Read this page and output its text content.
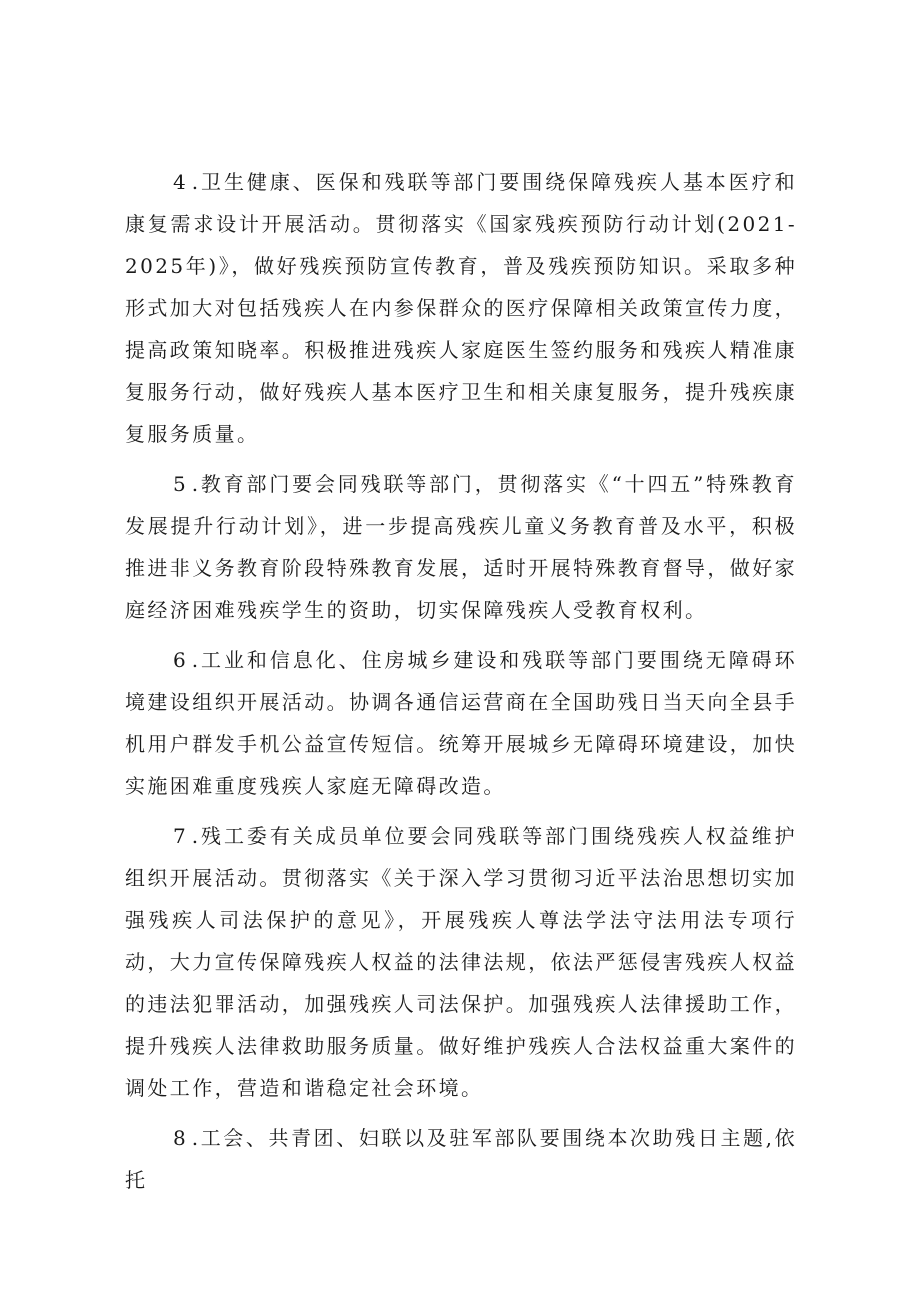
4.卫生健康、医保和残联等部门要围绕保障残疾人基本医疗和康复需求设计开展活动。贯彻落实《国家残疾预防行动计划(2021-2025年)》，做好残疾预防宣传教育，普及残疾预防知识。采取多种形式加大对包括残疾人在内参保群众的医疗保障相关政策宣传力度，提高政策知晓率。积极推进残疾人家庭医生签约服务和残疾人精准康复服务行动，做好残疾人基本医疗卫生和相关康复服务，提升残疾康复服务质量。

5.教育部门要会同残联等部门，贯彻落实《“十四五”特殊教育发展提升行动计划》，进一步提高残疾儿童义务教育普及水平，积极推进非义务教育阶段特殊教育发展，适时开展特殊教育督导，做好家庭经济困难残疾学生的资助，切实保障残疾人受教育权利。

6.工业和信息化、住房城乡建设和残联等部门要围绕无障碍环境建设组织开展活动。协调各通信运营商在全国助残日当天向全县手机用户群发手机公益宣传短信。统筹开展城乡无障碍环境建设，加快实施困难重度残疾人家庭无障碍改造。

7.残工委有关成员单位要会同残联等部门围绕残疾人权益维护组织开展活动。贯彻落实《关于深入学习贯彻习近平法治思想切实加强残疾人司法保护的意见》，开展残疾人尊法学法守法用法专项行动，大力宣传保障残疾人权益的法律法规，依法严惩侵害残疾人权益的违法犯罪活动，加强残疾人司法保护。加强残疾人法律援助工作，提升残疾人法律救助服务质量。做好维护残疾人合法权益重大案件的调处工作，营造和谐稳定社会环境。

8.工会、共青团、妇联以及驻军部队要围绕本次助残日主题,依托
